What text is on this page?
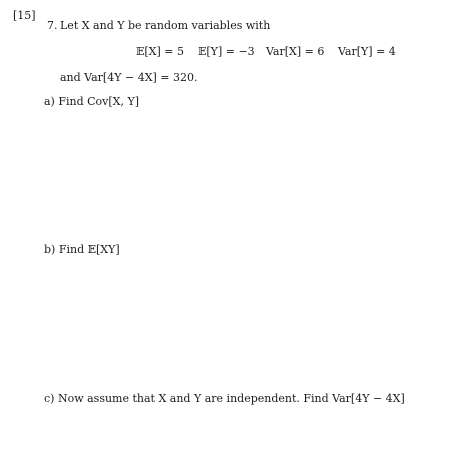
[15]
7. Let X and Y be random variables with
𝔼[X] = 5 𝔼[Y] = −3 Var[X] = 6 Var[Y] = 4
and Var[4Y − 4X] = 320.
a) Find Cov[X, Y]
b) Find 𝔼[XY]
c) Now assume that X and Y are independent. Find Var[4Y − 4X]
